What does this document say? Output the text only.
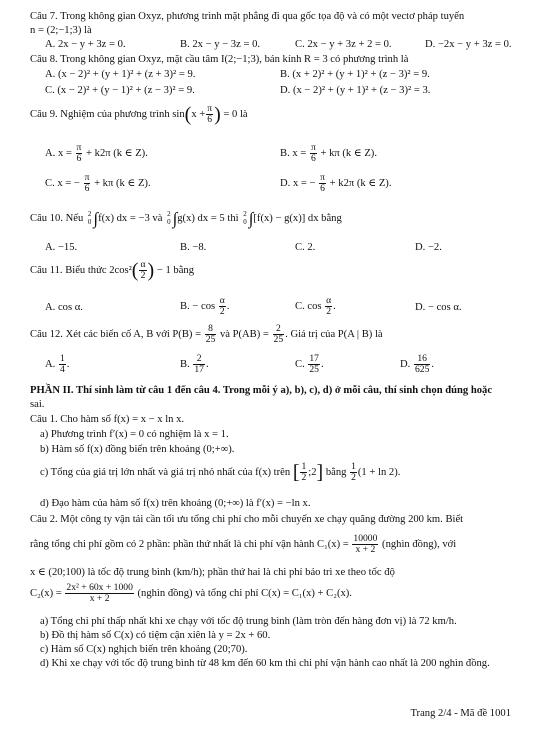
Câu 7. Trong không gian Oxyz, phương trình mặt phẳng đi qua gốc tọa độ và có một vectơ pháp tuyến
n = (2;−1;3) là
A. 2x − y + 3z = 0.	B. 2x − y − 3z = 0.	C. 2x − y + 3z + 2 = 0.	D. −2x − y + 3z = 0.
Câu 8. Trong không gian Oxyz, mặt cầu tâm I(2;−1;3), bán kính R = 3 có phương trình là
A. (x − 2)² + (y + 1)² + (z + 3)² = 9.	B. (x + 2)² + (y + 1)² + (z − 3)² = 9.
C. (x − 2)² + (y − 1)² + (z − 3)² = 9.	D. (x − 2)² + (y + 1)² + (z − 3)² = 3.
Câu 9. Nghiệm của phương trình $\sin(x + \frac{\pi}{6}$ ) = 0 là
A. $x = \frac{\pi}{6} + k2\pi$ (k ∈ Z).	B. $x = \frac{\pi}{6} + k\pi$ (k ∈ Z).
C. x = − $\frac{\pi}{6} + k\pi$ (k ∈ Z).	D. x = − $\frac{\pi}{6} + k2\pi$ (k ∈ Z).
Câu 10. Nếu 2
0 ∫f(x) dx = −3 và 2
0 ∫g(x) dx = 5 thì 2
0 ∫[f(x) − g(x)] dx bằng
A. −15.	B. −8.	C. 2.	D. −2.
Câu 11. Biểu thức $2\cos^2( \frac{\alpha}{2}$ ) − 1 bằng
A. cos α.	B. − $\cos \frac{\alpha}{2}$ .	C. $\cos \frac{\alpha}{2}$ .	D. − cos α.
Câu 12. Xét các biến cố A, B với $P(B) = \frac{8}{25}$ và $P(AB) = \frac{2}{25}$ . Giá trị của P(A | B) là
A. $\frac{1}{4}$ .	B. $\frac{2}{17}$ .	C. $\frac{17}{25}$ .	D. $\frac{16}{625}$ .
PHẦN II. Thí sinh làm từ câu 1 đến câu 4. Trong mỗi ý a), b), c), d) ở mỗi câu, thí sinh chọn đúng hoặc
sai.
Câu 1. Cho hàm số f(x) = x − x ln x.
a) Phương trình f′(x) = 0 có nghiệm là x = 1.
b) Hàm số f(x) đồng biến trên khoảng (0;+∞).
c) Tổng của giá trị lớn nhất và giá trị nhỏ nhất của f(x) trên [ $\frac{1}{2}$ ;2] bằng $\frac{1}{2} (1 + \ln 2)$.
d) Đạo hàm của hàm số f(x) trên khoảng (0;+∞) là f′(x) = −ln x.
Câu 2. Một công ty vận tải cần tối ưu tổng chi phí cho mỗi chuyến xe chạy quãng đường 200 km. Biết
rằng tổng chi phí gồm có 2 phần: phần thứ nhất là chi phí vận hành $C_1(x) = \frac{10000}{x + 2}$ (nghìn đồng), với
x ∈ (20;100) là tốc độ trung bình (km/h); phần thứ hai là chi phí bảo trì xe theo tốc độ
$C_2(x) = \frac{\text{2x² + 60x + 1000}}{x + 2}$ (nghìn đồng) và tổng chi phí C(x) = C₁(x) + C₂(x).
a) Tổng chi phí thấp nhất khi xe chạy với tốc độ trung bình (làm tròn đến hàng đơn vị) là 72 km/h.
b) Đồ thị hàm số C(x) có tiệm cận xiên là y = 2x + 60.
c) Hàm số C(x) nghịch biến trên khoảng (20;70).
d) Khi xe chạy với tốc độ trung bình từ 48 km đến 60 km thì chi phí vận hành cao nhất là 200 nghìn đồng.
Trang 2/4 - Mã đề 1001
